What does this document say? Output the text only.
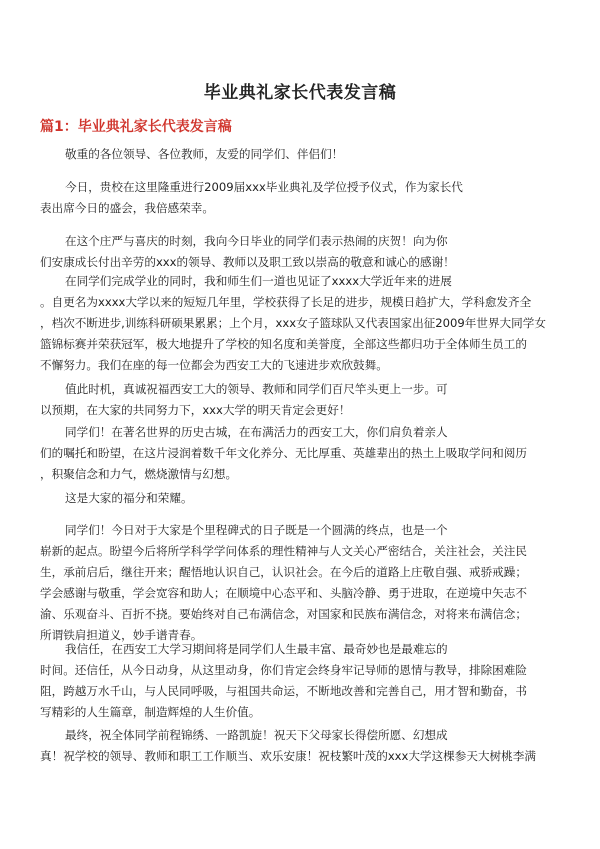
毕业典礼家长代表发言稿
篇1：毕业典礼家长代表发言稿

敬重的各位领导、各位教师，友爱的同学们、伴侣们！

今日，贵校在这里隆重进行2009届xxx毕业典礼及学位授予仪式，作为家长代
表出席今日的盛会，我倍感荣幸。

在这个庄严与喜庆的时刻，我向今日毕业的同学们表示热闹的庆贺！向为你
们安康成长付出辛劳的xxx的领导、教师以及职工致以崇高的敬意和诚心的感谢！

在同学们完成学业的同时，我和师生们一道也见证了xxxx大学近年来的进展
。自更名为xxxx大学以来的短短几年里，学校获得了长足的进步，规模日趋扩大，学科愈发齐全
，档次不断进步,训练科研硕果累累；上个月，xxx女子篮球队又代表国家出征2009年世界大同学女
篮锦标赛并荣获冠军，极大地提升了学校的知名度和美誉度，全部这些都归功于全体师生员工的
不懈努力。我们在座的每一位都会为西安工大的飞速进步欢欣鼓舞。

值此时机，真诚祝福西安工大的领导、教师和同学们百尺竿头更上一步。可
以预期，在大家的共同努力下，xxx大学的明天肯定会更好！

同学们！在著名世界的历史古城，在布满活力的西安工大，你们肩负着亲人
们的嘱托和盼望，在这片浸润着数千年文化养分、无比厚重、英雄辈出的热土上吸取学问和阅历
，积聚信念和力气，燃烧激情与幻想。

这是大家的福分和荣耀。

同学们！今日对于大家是个里程碑式的日子既是一个圆满的终点，也是一个
崭新的起点。盼望今后将所学科学学问体系的理性精神与人文关心严密结合，关注社会，关注民
生，承前启后，继往开来；醒悟地认识自己，认识社会。在今后的道路上庄敬自强、戒骄戒躁；
学会感谢与敬重，学会宽容和助人；在顺境中心态平和、头脑冷静、勇于进取，在逆境中矢志不
渝、乐观奋斗、百折不挠。要始终对自己布满信念，对国家和民族布满信念，对将来布满信念；
所谓铁肩担道义，妙手谱青春。

我信任，在西安工大学习期间将是同学们人生最丰富、最奇妙也是最难忘的
时间。还信任，从今日动身，从这里动身，你们肯定会终身牢记导师的恩情与教导，排除困难险
阻，跨越万水千山，与人民同呼吸，与祖国共命运，不断地改善和完善自己，用才智和勤奋，书
写精彩的人生篇章，制造辉煌的人生价值。

最终，祝全体同学前程锦绣、一路凯旋！祝天下父母家长得偿所愿、幻想成
真！祝学校的领导、教师和职工工作顺当、欢乐安康！祝枝繁叶茂的xxx大学这棵参天大树桃李满
